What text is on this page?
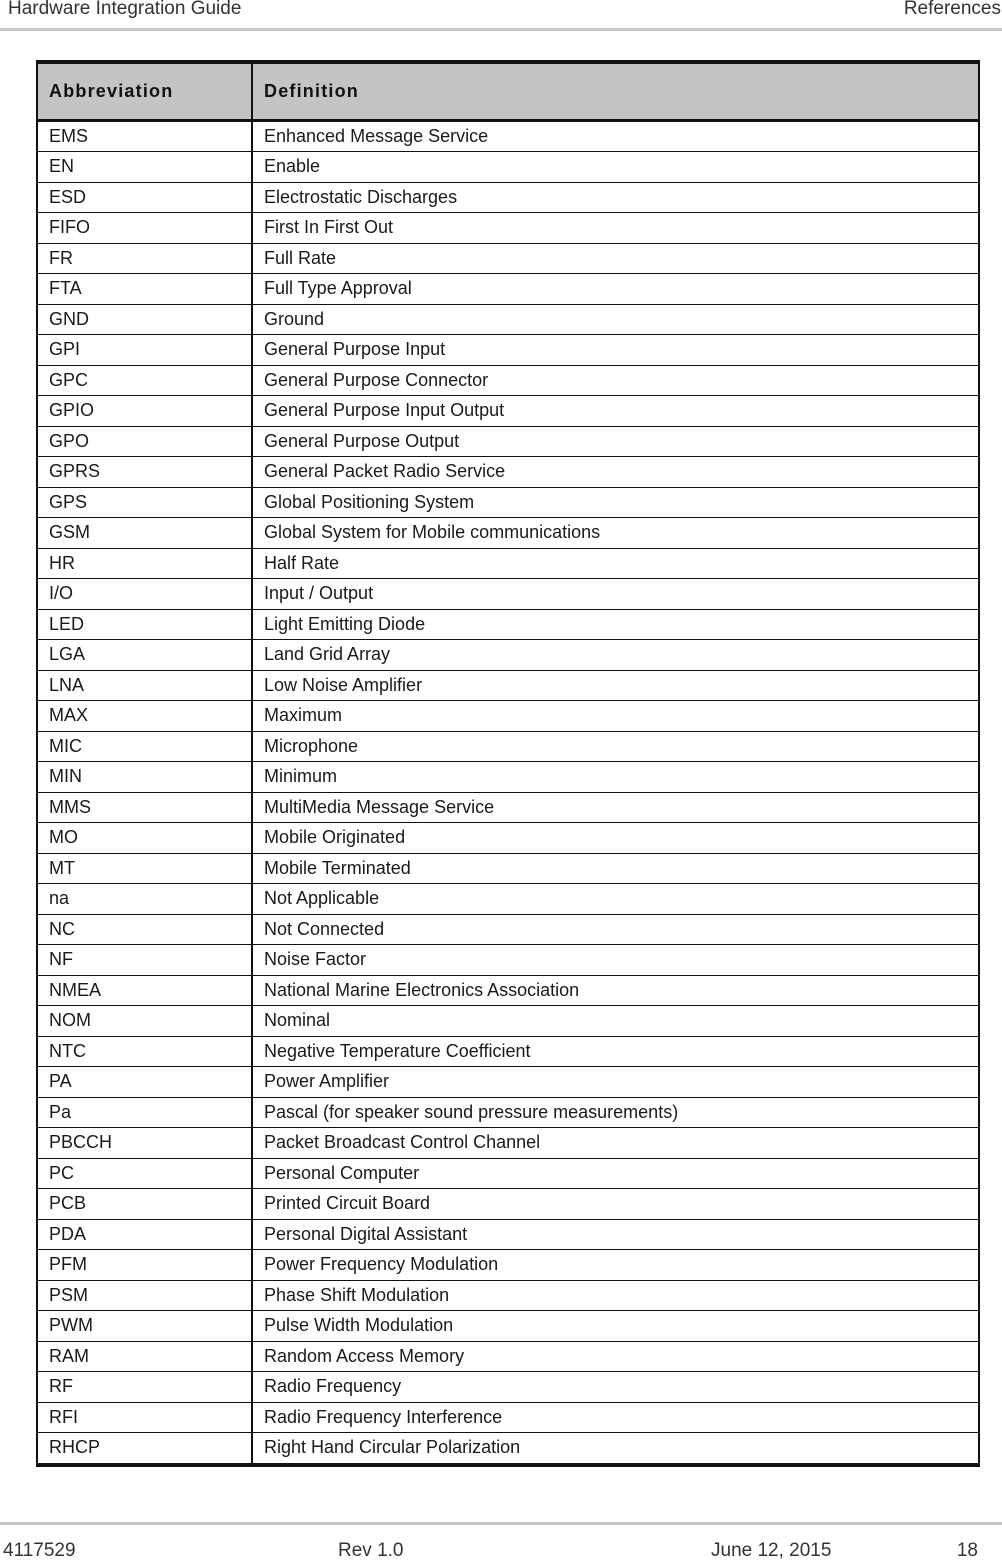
Hardware Integration Guide	References
Abbreviation	Definition
EMS	Enhanced Message Service
EN	Enable
ESD	Electrostatic Discharges
FIFO	First In First Out
FR	Full Rate
FTA	Full Type Approval
GND	Ground
GPI	General Purpose Input
GPC	General Purpose Connector
GPIO	General Purpose Input Output
GPO	General Purpose Output
GPRS	General Packet Radio Service
GPS	Global Positioning System
GSM	Global System for Mobile communications
HR	Half Rate
I/O	Input / Output
LED	Light Emitting Diode
LGA	Land Grid Array
LNA	Low Noise Amplifier
MAX	Maximum
MIC	Microphone
MIN	Minimum
MMS	MultiMedia Message Service
MO	Mobile Originated
MT	Mobile Terminated
na	Not Applicable
NC	Not Connected
NF	Noise Factor
NMEA	National Marine Electronics Association
NOM	Nominal
NTC	Negative Temperature Coefficient
PA	Power Amplifier
Pa	Pascal (for speaker sound pressure measurements)
PBCCH	Packet Broadcast Control Channel
PC	Personal Computer
PCB	Printed Circuit Board
PDA	Personal Digital Assistant
PFM	Power Frequency Modulation
PSM	Phase Shift Modulation
PWM	Pulse Width Modulation
RAM	Random Access Memory
RF	Radio Frequency
RFI	Radio Frequency Interference
RHCP	Right Hand Circular Polarization
4117529	Rev 1.0	June 12, 2015	18
